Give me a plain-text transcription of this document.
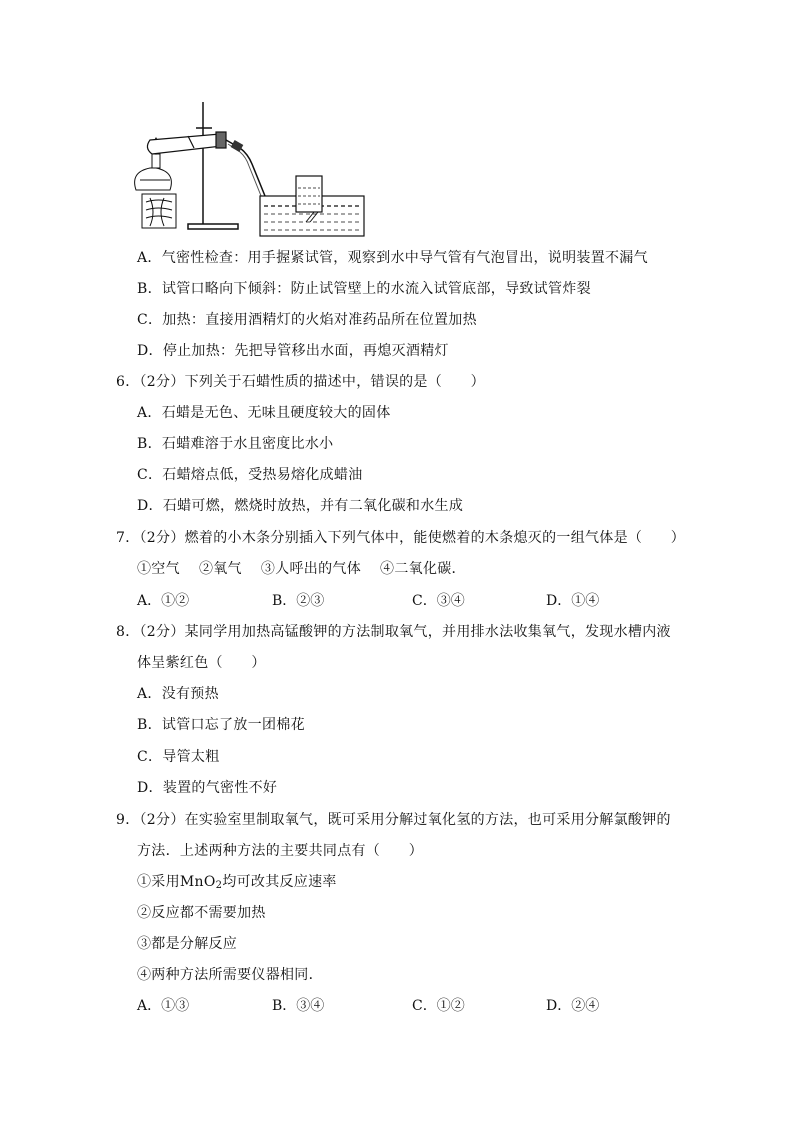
A．气密性检查：用手握紧试管，观察到水中导气管有气泡冒出，说明装置不漏气
B．试管口略向下倾斜：防止试管壁上的水流入试管底部，导致试管炸裂
C．加热：直接用酒精灯的火焰对准药品所在位置加热
D．停止加热：先把导管移出水面，再熄灭酒精灯
6．（2分）下列关于石蜡性质的描述中，错误的是（　　）
A．石蜡是无色、无味且硬度较大的固体
B．石蜡难溶于水且密度比水小
C．石蜡熔点低，受热易熔化成蜡油
D．石蜡可燃，燃烧时放热，并有二氧化碳和水生成
7．（2分）燃着的小木条分别插入下列气体中，能使燃着的木条熄灭的一组气体是（　　）
①空气　 ②氧气　 ③人呼出的气体　 ④二氧化碳．
A．①②	B．②③	C．③④	D．①④
8．（2分）某同学用加热高锰酸钾的方法制取氧气，并用排水法收集氧气，发现水槽内液
体呈紫红色（　　）
A．没有预热
B．试管口忘了放一团棉花
C．导管太粗
D．装置的气密性不好
9．（2分）在实验室里制取氧气，既可采用分解过氧化氢的方法，也可采用分解氯酸钾的
方法．上述两种方法的主要共同点有（　　）
①采用MnO$_2$均可改其反应速率
②反应都不需要加热
③都是分解反应
④两种方法所需要仪器相同．
A．①③	B．③④	C．①②	D．②④
